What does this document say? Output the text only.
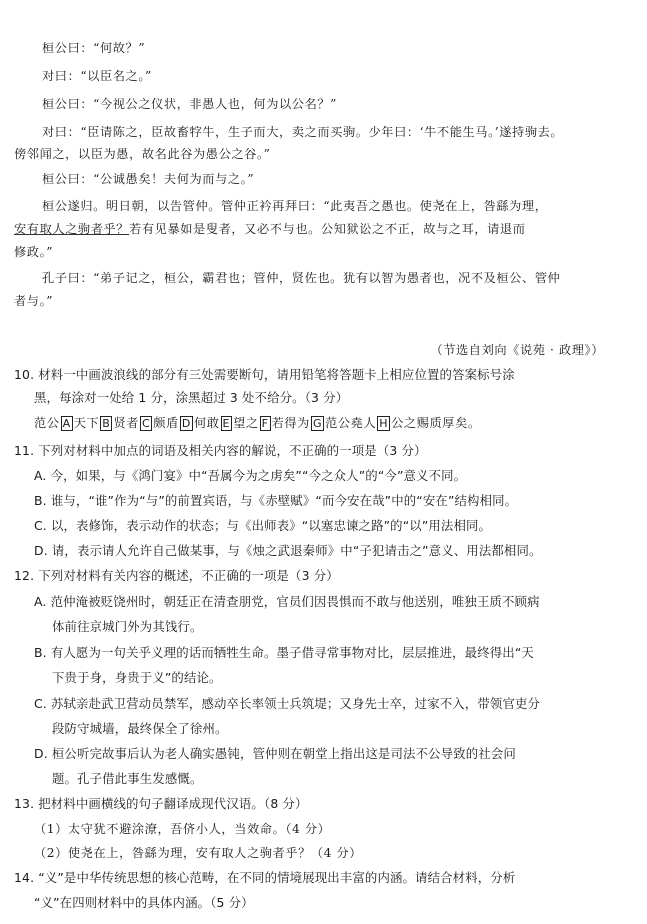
桓公曰：“何故？”
对曰：“以臣名之。”
桓公曰：“今视公之仪状，非愚人也，何为以公名？”
对曰：“臣请陈之，臣故畜牸牛，生子而大，卖之而买驹。少年曰：‘牛不能生马。’遂持驹去。
傍邻闻之，以臣为愚，故名此谷为愚公之谷。”
桓公曰：“公诚愚矣！夫何为而与之。”
桓公遂归。明日朝，以告管仲。管仲正衿再拜曰：“此夷吾之愚也。使尧在上，咎繇为理，
安有取人之驹者乎？若有见暴如是叟者，又必不与也。公知狱讼之不正，故与之耳，请退而
修政。”
孔子曰：“弟子记之，桓公，霸君也；管仲，贤佐也。犹有以智为愚者也，况不及桓公、管仲
者与。”
（节选自刘向《说苑 · 政理》）
10. 材料一中画波浪线的部分有三处需要断句，请用铅笔将答题卡上相应位置的答案标号涂
黑，每涂对一处给 1 分，涂黑超过 3 处不给分。（3 分）
范公 A 天下 B 贤者 C 颇盾 D 何敢 E 望之 F 若得为 G 范公堯人 H 公之赐质厚矣。
11. 下列对材料中加点的词语及相关内容的解说，不正确的一项是（3 分）
A. 今，如果，与《鸿门宴》中“吾属今为之虏矣”“今之众人”的“今”意义不同。
B. 谁与，“谁”作为“与”的前置宾语，与《赤壁赋》“而今安在哉”中的“安在”结构相同。
C. 以，表修饰，表示动作的状态；与《出师表》“以塞忠谏之路”的“以”用法相同。
D. 请，表示请人允许自己做某事，与《烛之武退秦师》中“子犯请击之”意义、用法都相同。
12. 下列对材料有关内容的概述，不正确的一项是（3 分）
A. 范仲淹被贬饶州时，朝廷正在清查朋党，官员们因畏惧而不敢与他送别，唯独王质不顾病
体前往京城门外为其饯行。
B. 有人愿为一句关乎义理的话而牺牲生命。墨子借寻常事物对比，层层推进，最终得出“天
下贵于身，身贵于义”的结论。
C. 苏轼亲赴武卫营动员禁军，感动卒长率领士兵筑堤；又身先士卒，过家不入，带领官吏分
段防守城墙，最终保全了徐州。
D. 桓公听完故事后认为老人确实愚钝，管仲则在朝堂上指出这是司法不公导致的社会问
题。孔子借此事生发感慨。
13. 把材料中画横线的句子翻译成现代汉语。（8 分）
（1）太守犹不避涂潦，吾侪小人，当效命。（4 分）
（2）使尧在上，咎繇为理，安有取人之驹者乎？（4 分）
14. “义”是中华传统思想的核心范畴，在不同的情境展现出丰富的内涵。请结合材料，分析
“义”在四则材料中的具体内涵。（5 分）
